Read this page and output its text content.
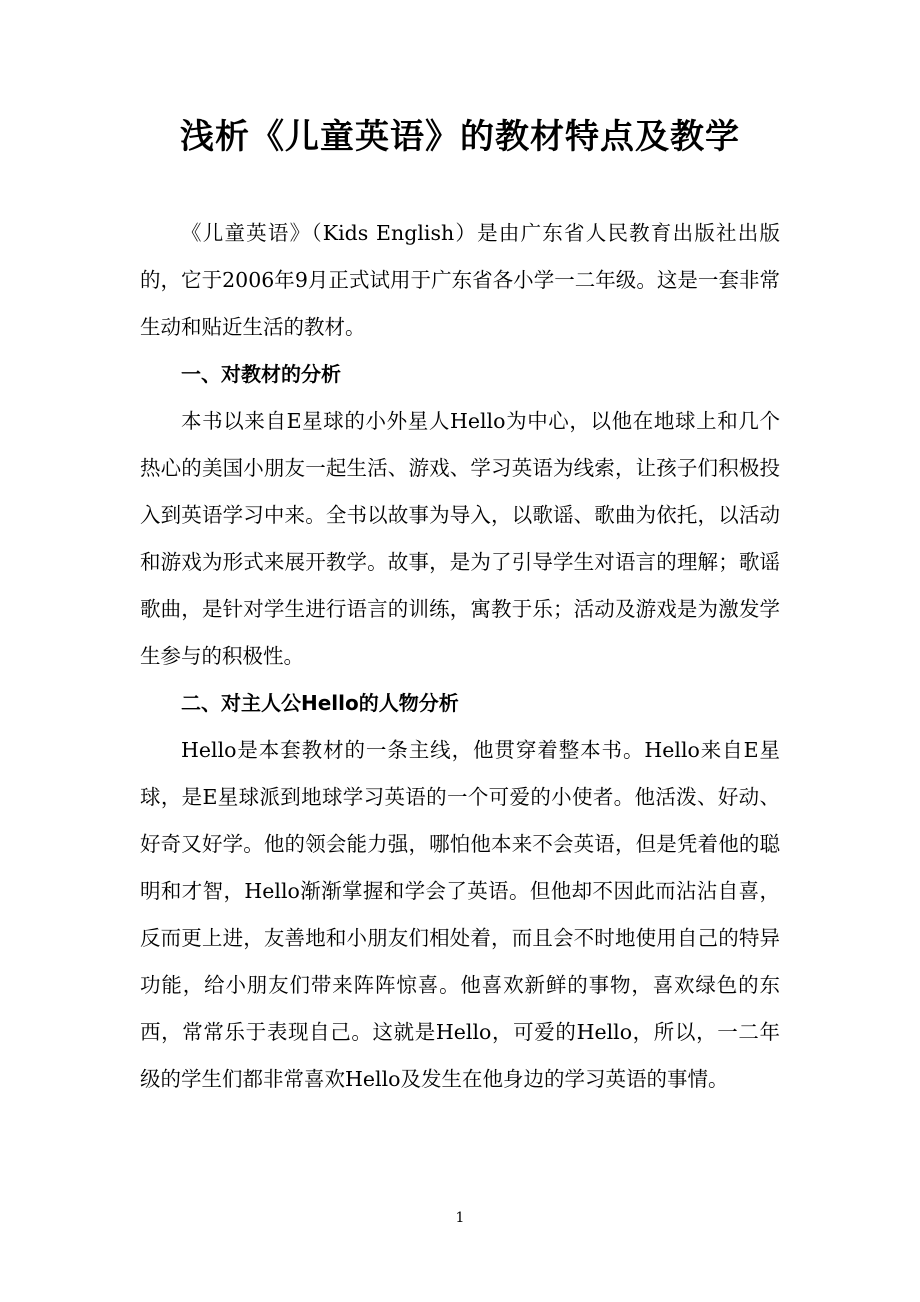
浅析《儿童英语》的教材特点及教学

《儿童英语》（Kids English）是由广东省人民教育出版社出版的，它于2006年9月正式试用于广东省各小学一二年级。这是一套非常生动和贴近生活的教材。

一、对教材的分析

本书以来自E星球的小外星人Hello为中心，以他在地球上和几个热心的美国小朋友一起生活、游戏、学习英语为线索，让孩子们积极投入到英语学习中来。全书以故事为导入，以歌谣、歌曲为依托，以活动和游戏为形式来展开教学。故事，是为了引导学生对语言的理解；歌谣歌曲，是针对学生进行语言的训练，寓教于乐；活动及游戏是为激发学生参与的积极性。

二、对主人公Hello的人物分析

Hello是本套教材的一条主线，他贯穿着整本书。Hello来自E星球，是E星球派到地球学习英语的一个可爱的小使者。他活泼、好动、好奇又好学。他的领会能力强，哪怕他本来不会英语，但是凭着他的聪明和才智，Hello渐渐掌握和学会了英语。但他却不因此而沾沾自喜，反而更上进，友善地和小朋友们相处着，而且会不时地使用自己的特异功能，给小朋友们带来阵阵惊喜。他喜欢新鲜的事物，喜欢绿色的东西，常常乐于表现自己。这就是Hello，可爱的Hello，所以，一二年级的学生们都非常喜欢Hello及发生在他身边的学习英语的事情。

1
